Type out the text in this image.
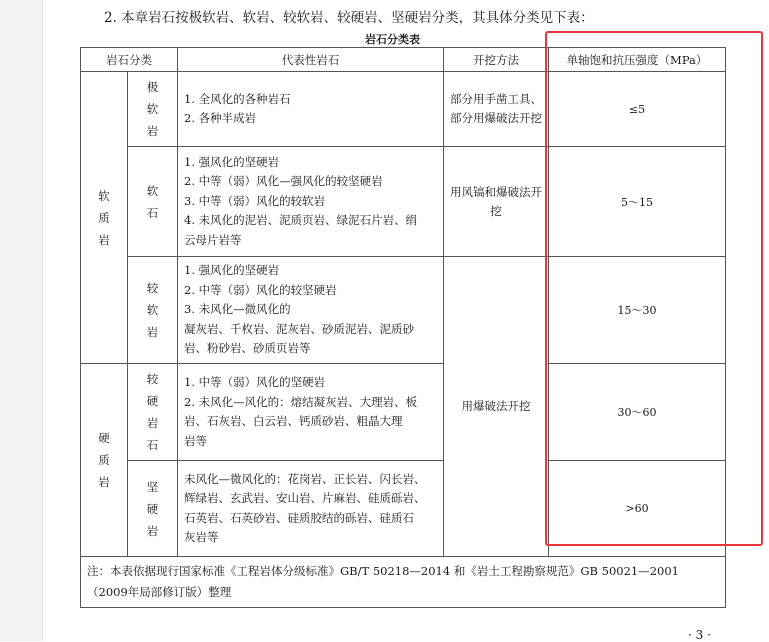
2. 本章岩石按极软岩、软岩、较软岩、较硬岩、坚硬岩分类，其具体分类见下表：
岩石分类表
岩石分类		代表性岩石	开挖方法	单轴饱和抗压强度（MPa）

软质岩	极软岩	1. 全风化的各种岩石
2. 各种半成岩	部分用手凿工具、部分用爆破法开挖	≤5

	软石	1. 强风化的坚硬岩
2. 中等（弱）风化—强风化的较坚硬岩
3. 中等（弱）风化的较软岩
4. 未风化的泥岩、泥质页岩、绿泥石片岩、绢
云母片岩等	用风镐和爆破法开挖	5～15

	较软岩	1. 强风化的坚硬岩
2. 中等（弱）风化的较坚硬岩
3. 未风化—微风化的
凝灰岩、千枚岩、泥灰岩、砂质泥岩、泥质砂
岩、粉砂岩、砂质页岩等	用爆破法开挖	15～30

硬质岩	较硬岩石	1. 中等（弱）风化的坚硬岩
2. 未风化—风化的：熔结凝灰岩、大理岩、板
岩、石灰岩、白云岩、钙质砂岩、粗晶大理
岩等		30～60

	坚硬岩	未风化—微风化的：花岗岩、正长岩、闪长岩、
辉绿岩、玄武岩、安山岩、片麻岩、硅质砾岩、
石英岩、石英砂岩、硅质胶结的砾岩、硅质石
灰岩等		>60
注：本表依据现行国家标准《工程岩体分级标准》GB/T 50218—2014 和《岩土工程勘察规范》GB 50021—2001（2009年局部修订版）整理				
· 3 ·
